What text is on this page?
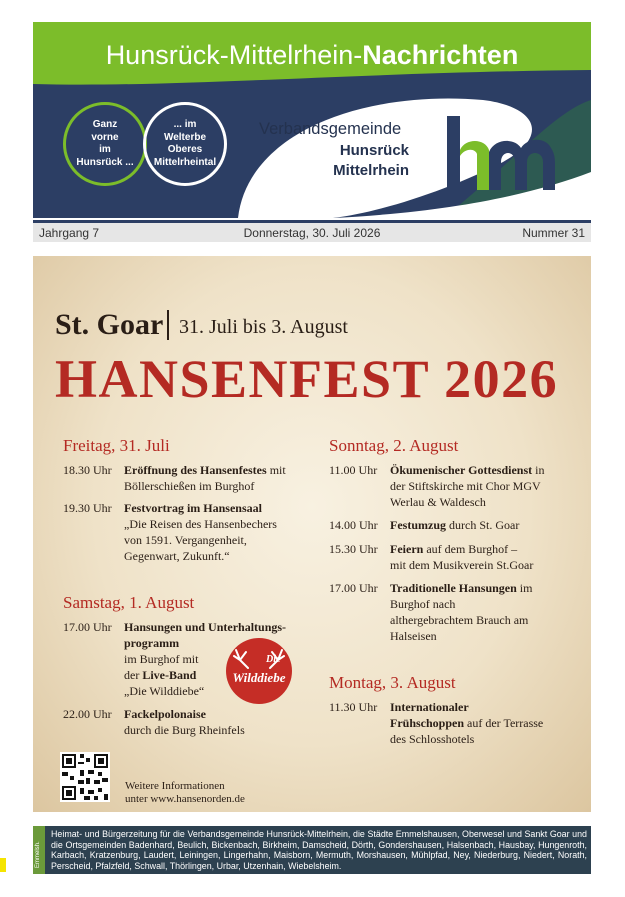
Hunsrück-Mittelrhein-Nachrichten
Ganz
vorne
im
Hunsrück ...
... im
Welterbe
Oberes
Mittelrheintal
Verbandsgemeinde
Hunsrück
Mittelrhein
Jahrgang 7	Donnerstag, 30. Juli 2026	Nummer 31
St. Goar 31. Juli bis 3. August
HANSENFEST 2026
Freitag, 31. Juli
18.30 Uhr Eröffnung des Hansenfestes mit
Böllerschießen im Burghof
19.30 Uhr Festvortrag im Hansensaal
„Die Reisen des Hansenbechers
von 1591. Vergangenheit,
Gegenwart, Zukunft.“
Samstag, 1. August
17.00 Uhr Hansungen und Unterhaltungs-
programm
im Burghof mit
der Live-Band
„Die Wilddiebe“
22.00 Uhr Fackelpolonaise
durch die Burg Rheinfels
Die
Wilddiebe
Sonntag, 2. August
11.00 Uhr Ökumenischer Gottesdienst in
der Stiftskirche mit Chor MGV
Werlau & Waldesch
14.00 Uhr Festumzug durch St. Goar
15.30 Uhr Feiern auf dem Burghof –
mit dem Musikverein St.Goar
17.00 Uhr Traditionelle Hansungen im
Burghof nach
althergebrachtem Brauch am
Halseisen
Montag, 3. August
11.30 Uhr Internationaler
Frühschoppen auf der Terrasse
des Schlosshotels
Weitere Informationen
unter www.hansenorden.de
Emmelsh.
Heimat- und Bürgerzeitung für die Verbandsgemeinde Hunsrück-Mittelrhein, die Städte Emmelshausen, Oberwesel und Sankt Goar und die Ortsgemeinden Badenhard, Beulich, Bickenbach, Birkheim, Damscheid, Dörth, Gondershausen, Halsenbach, Hausbay, Hungenroth, Karbach, Kratzenburg, Laudert, Leiningen, Lingerhahn, Maisborn, Mermuth, Morshausen, Mühlpfad, Ney, Niederburg, Niedert, Norath, Perscheid, Pfalzfeld, Schwall, Thörlingen, Urbar, Utzenhain, Wiebelsheim.
